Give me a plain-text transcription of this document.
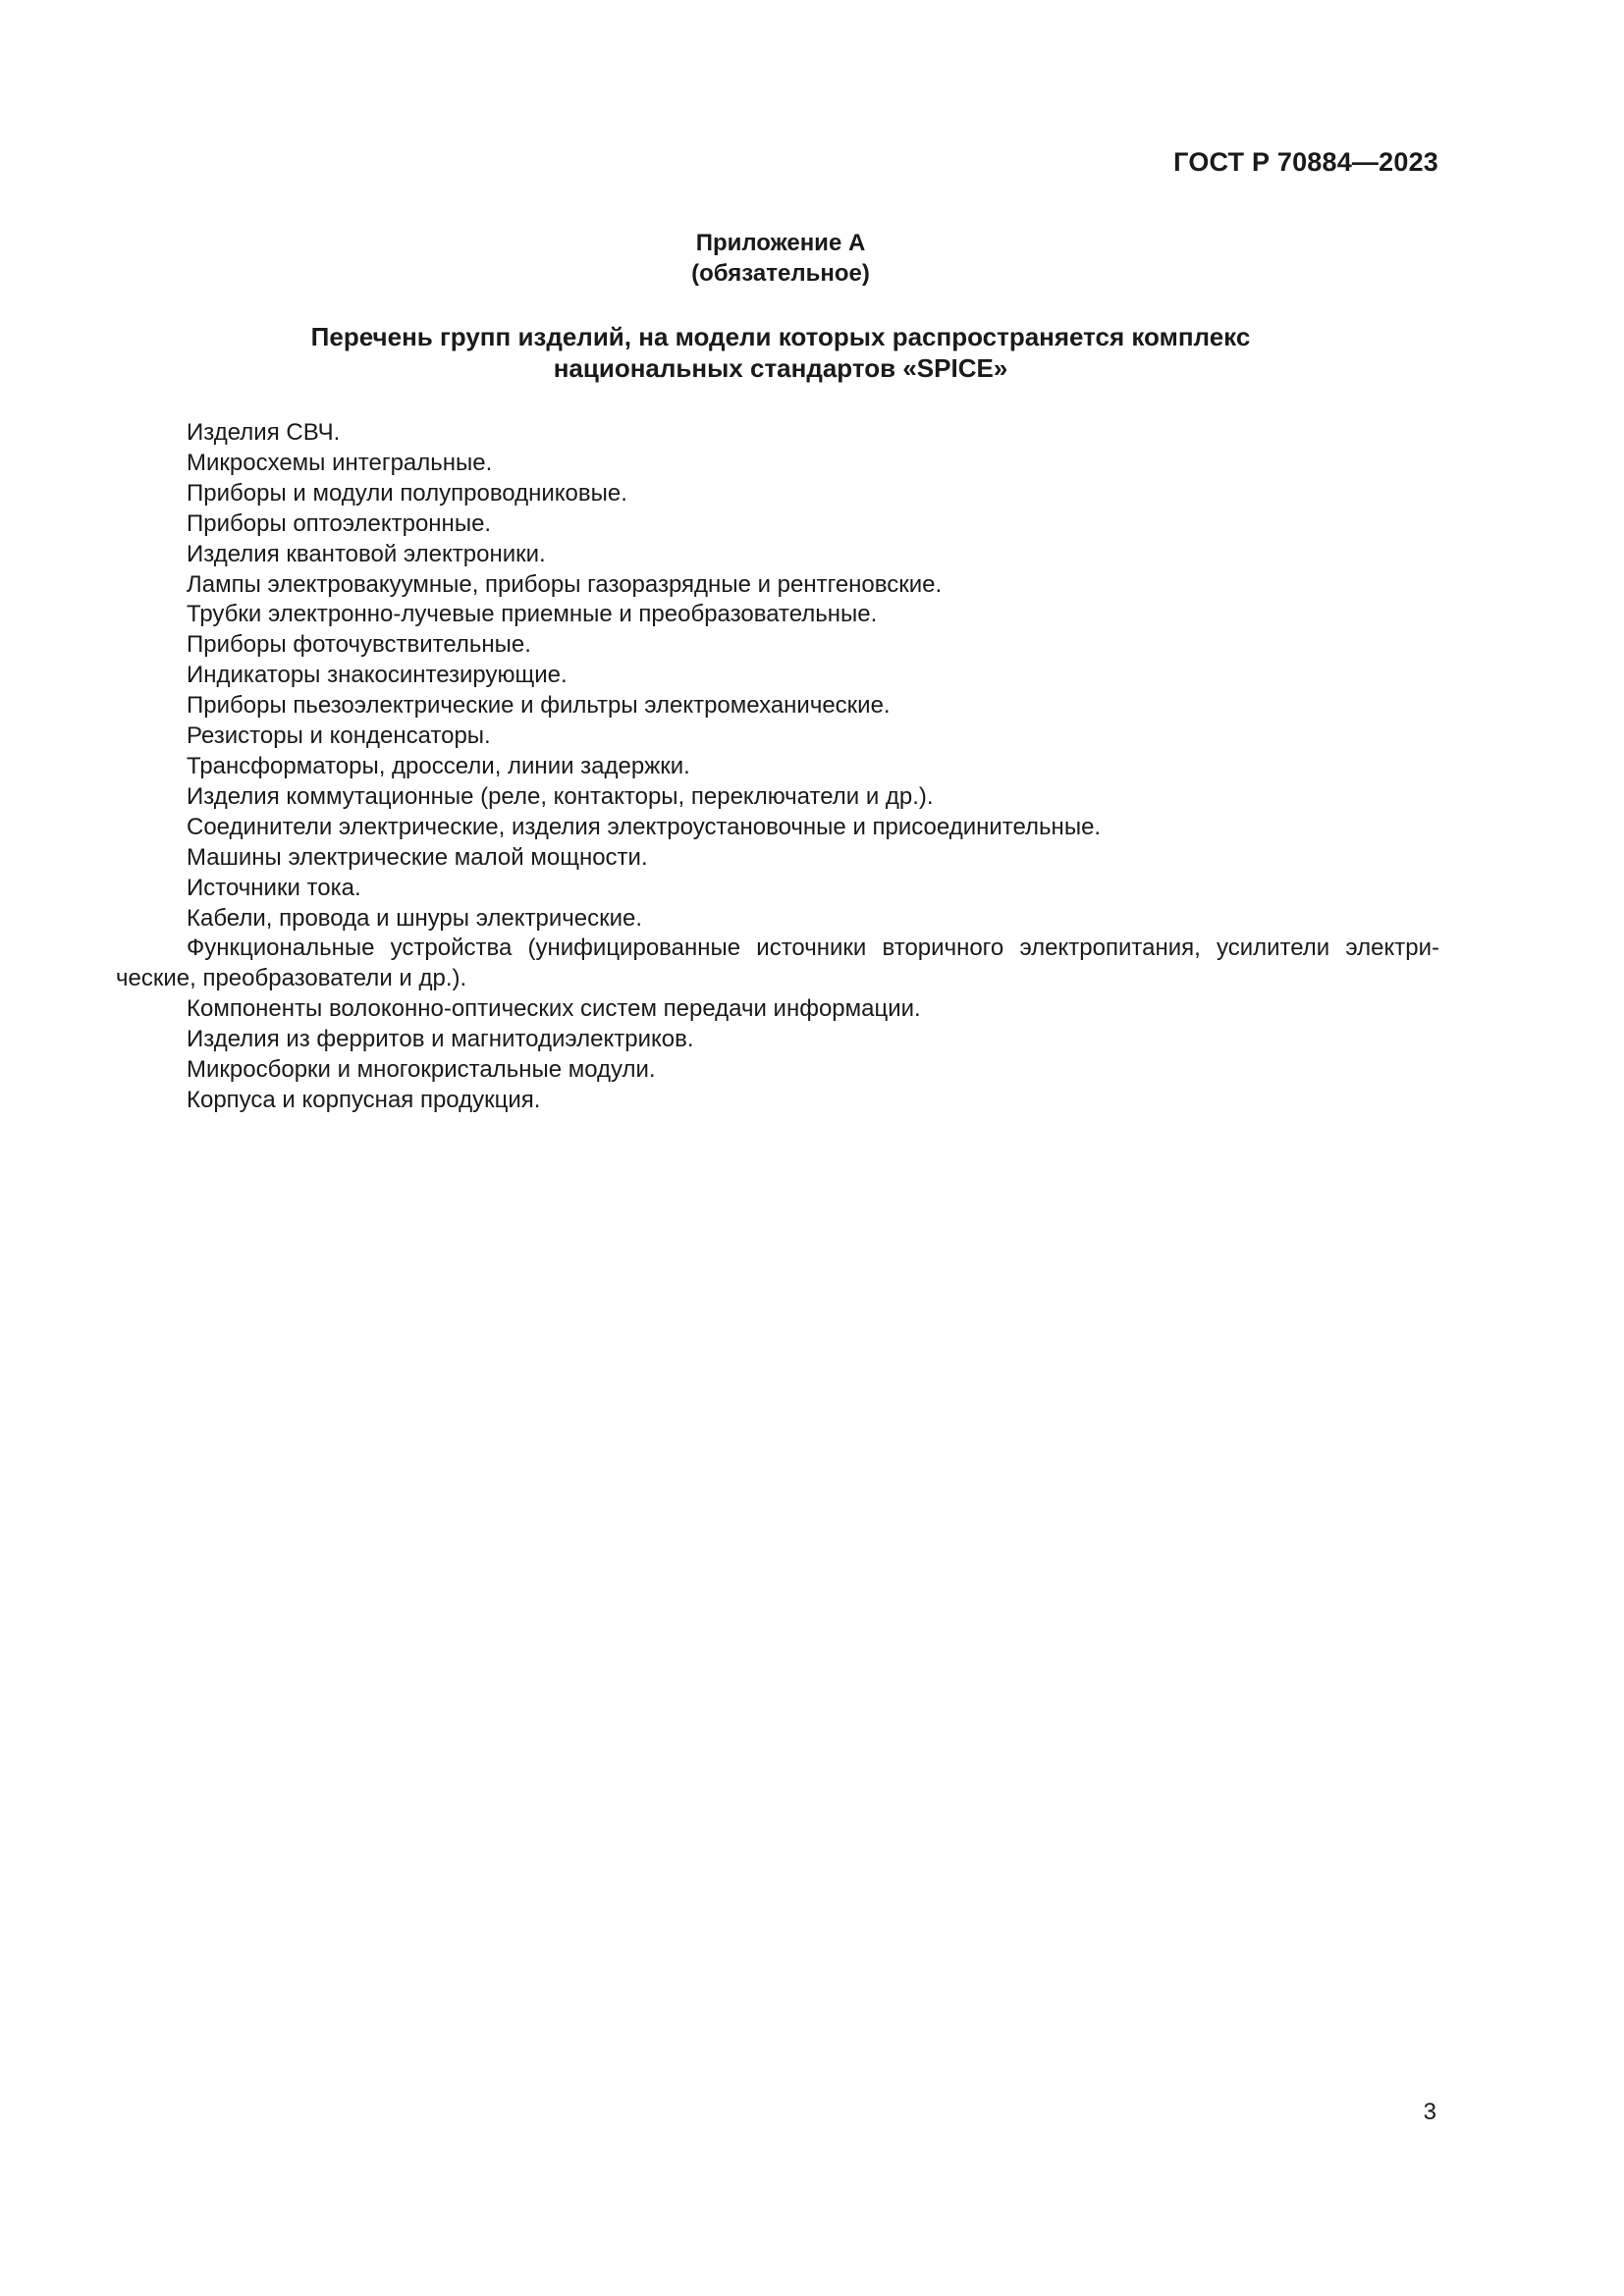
ГОСТ Р 70884—2023
Приложение А
(обязательное)
Перечень групп изделий, на модели которых распространяется комплекс
национальных стандартов «SPICE»
Изделия СВЧ.
Микросхемы интегральные.
Приборы и модули полупроводниковые.
Приборы оптоэлектронные.
Изделия квантовой электроники.
Лампы электровакуумные, приборы газоразрядные и рентгеновские.
Трубки электронно-лучевые приемные и преобразовательные.
Приборы фоточувствительные.
Индикаторы знакосинтезирующие.
Приборы пьезоэлектрические и фильтры электромеханические.
Резисторы и конденсаторы.
Трансформаторы, дроссели, линии задержки.
Изделия коммутационные (реле, контакторы, переключатели и др.).
Соединители электрические, изделия электроустановочные и присоединительные.
Машины электрические малой мощности.
Источники тока.
Кабели, провода и шнуры электрические.
Функциональные устройства (унифицированные источники вторичного электропитания, усилители электрические, преобразователи и др.).
Компоненты волоконно-оптических систем передачи информации.
Изделия из ферритов и магнитодиэлектриков.
Микросборки и многокристальные модули.
Корпуса и корпусная продукция.
3
